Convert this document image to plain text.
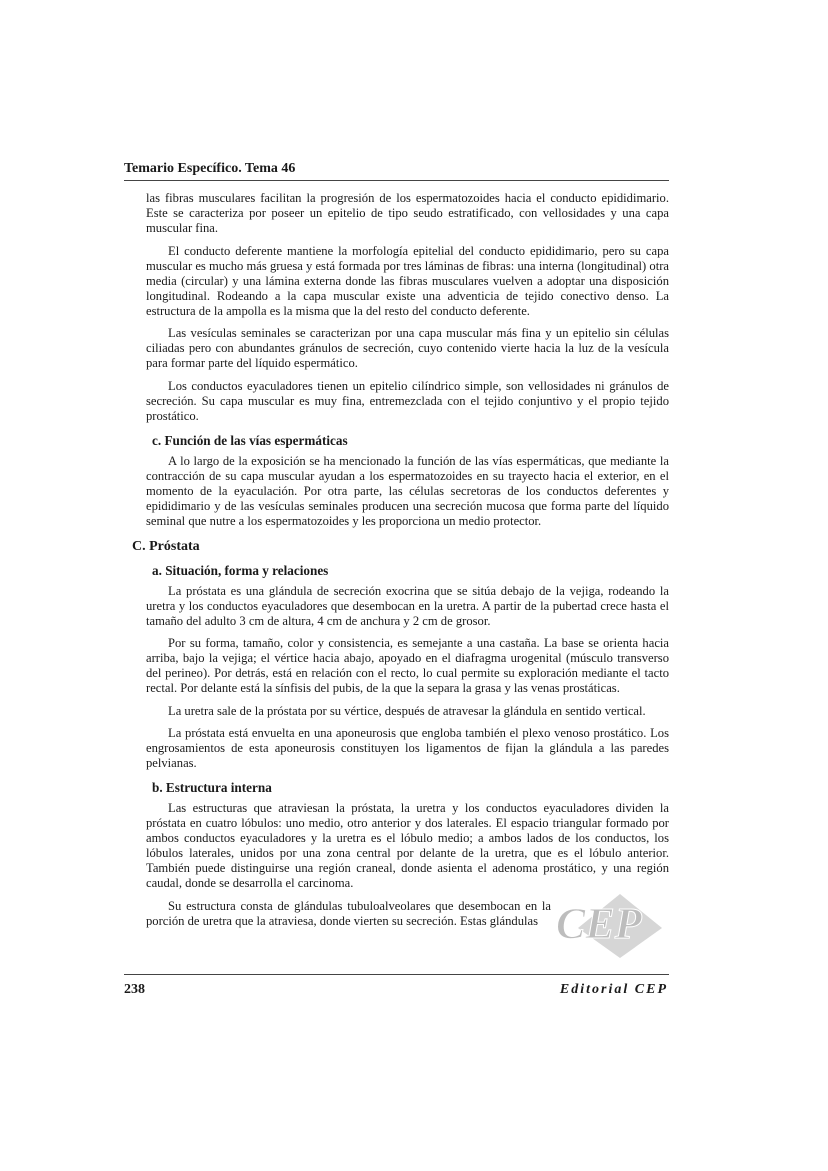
Temario Específico. Tema 46

las fibras musculares facilitan la progresión de los espermatozoides hacia el conducto epididimario. Este se caracteriza por poseer un epitelio de tipo seudo estratificado, con vellosidades y una capa muscular fina.

El conducto deferente mantiene la morfología epitelial del conducto epididimario, pero su capa muscular es mucho más gruesa y está formada por tres láminas de fibras: una interna (longitudinal) otra media (circular) y una lámina externa donde las fibras musculares vuelven a adoptar una disposición longitudinal. Rodeando a la capa muscular existe una adventicia de tejido conectivo denso. La estructura de la ampolla es la misma que la del resto del conducto deferente.

Las vesículas seminales se caracterizan por una capa muscular más fina y un epitelio sin células ciliadas pero con abundantes gránulos de secreción, cuyo contenido vierte hacia la luz de la vesícula para formar parte del líquido espermático.

Los conductos eyaculadores tienen un epitelio cilíndrico simple, son vellosidades ni gránulos de secreción. Su capa muscular es muy fina, entremezclada con el tejido conjuntivo y el propio tejido prostático.

c. Función de las vías espermáticas

A lo largo de la exposición se ha mencionado la función de las vías espermáticas, que mediante la contracción de su capa muscular ayudan a los espermatozoides en su trayecto hacia el exterior, en el momento de la eyaculación. Por otra parte, las células secretoras de los conductos deferentes y epididimario y de las vesículas seminales producen una secreción mucosa que forma parte del líquido seminal que nutre a los espermatozoides y les proporciona un medio protector.

C. Próstata
a. Situación, forma y relaciones

La próstata es una glándula de secreción exocrina que se sitúa debajo de la vejiga, rodeando la uretra y los conductos eyaculadores que desembocan en la uretra. A partir de la pubertad crece hasta el tamaño del adulto 3 cm de altura, 4 cm de anchura y 2 cm de grosor.

Por su forma, tamaño, color y consistencia, es semejante a una castaña. La base se orienta hacia arriba, bajo la vejiga; el vértice hacia abajo, apoyado en el diafragma urogenital (músculo transverso del perineo). Por detrás, está en relación con el recto, lo cual permite su exploración mediante el tacto rectal. Por delante está la sínfisis del pubis, de la que la separa la grasa y las venas prostáticas.

La uretra sale de la próstata por su vértice, después de atravesar la glándula en sentido vertical.

La próstata está envuelta en una aponeurosis que engloba también el plexo venoso prostático. Los engrosamientos de esta aponeurosis constituyen los ligamentos de fijan la glándula a las paredes pelvianas.

b. Estructura interna

Las estructuras que atraviesan la próstata, la uretra y los conductos eyaculadores dividen la próstata en cuatro lóbulos: uno medio, otro anterior y dos laterales. El espacio triangular formado por ambos conductos eyaculadores y la uretra es el lóbulo medio; a ambos lados de los conductos, los lóbulos laterales, unidos por una zona central por delante de la uretra, que es el lóbulo anterior. También puede distinguirse una región craneal, donde asienta el adenoma prostático, y una región caudal, donde se desarrolla el carcinoma.

Su estructura consta de glándulas tubuloalveolares que desembocan en la porción de uretra que la atraviesa, donde vierten su secreción. Estas glándulas CEP
238	Editorial CEP
